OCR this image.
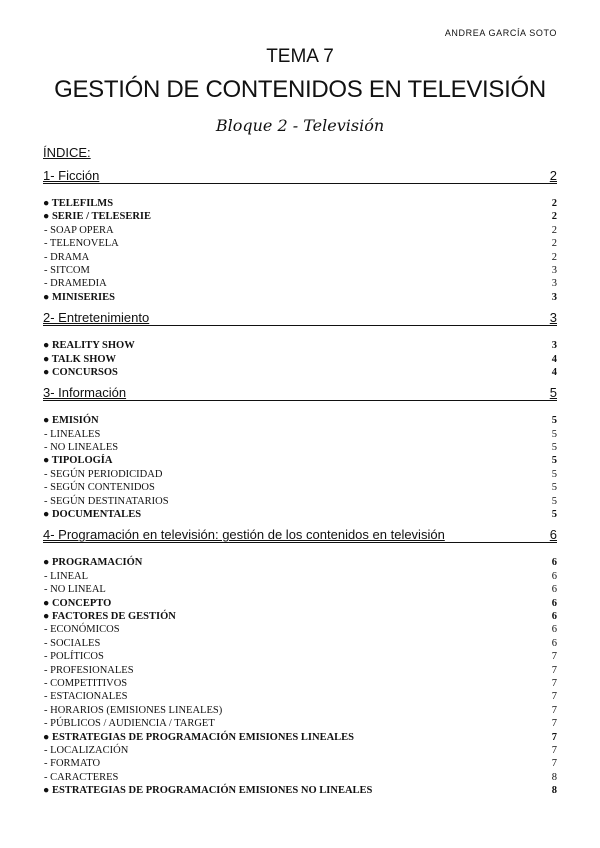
ANDREA GARCÍA SOTO
TEMA 7
GESTIÓN DE CONTENIDOS EN TELEVISIÓN
Bloque 2 - Televisión
ÍNDICE:
1- Ficción	2
● TELEFILMS	2
● SERIE / TELESERIE	2
- SOAP OPERA	2
- TELENOVELA	2
- DRAMA	2
- SITCOM	3
- DRAMEDIA	3
● MINISERIES	3
2- Entretenimiento	3
● REALITY SHOW	3
● TALK SHOW	4
● CONCURSOS	4
3- Información	5
● EMISIÓN	5
- LINEALES	5
- NO LINEALES	5
● TIPOLOGÍA	5
- SEGÚN PERIODICIDAD	5
- SEGÚN CONTENIDOS	5
- SEGÚN DESTINATARIOS	5
● DOCUMENTALES	5
4- Programación en televisión: gestión de los contenidos en televisión	6
● PROGRAMACIÓN	6
- LINEAL	6
- NO LINEAL	6
● CONCEPTO	6
● FACTORES DE GESTIÓN	6
- ECONÓMICOS	6
- SOCIALES	6
- POLÍTICOS	7
- PROFESIONALES	7
- COMPETITIVOS	7
- ESTACIONALES	7
- HORARIOS (EMISIONES LINEALES)	7
- PÚBLICOS / AUDIENCIA / TARGET	7
● ESTRATEGIAS DE PROGRAMACIÓN EMISIONES LINEALES	7
- LOCALIZACIÓN	7
- FORMATO	7
- CARACTERES	8
● ESTRATEGIAS DE PROGRAMACIÓN EMISIONES NO LINEALES	8
